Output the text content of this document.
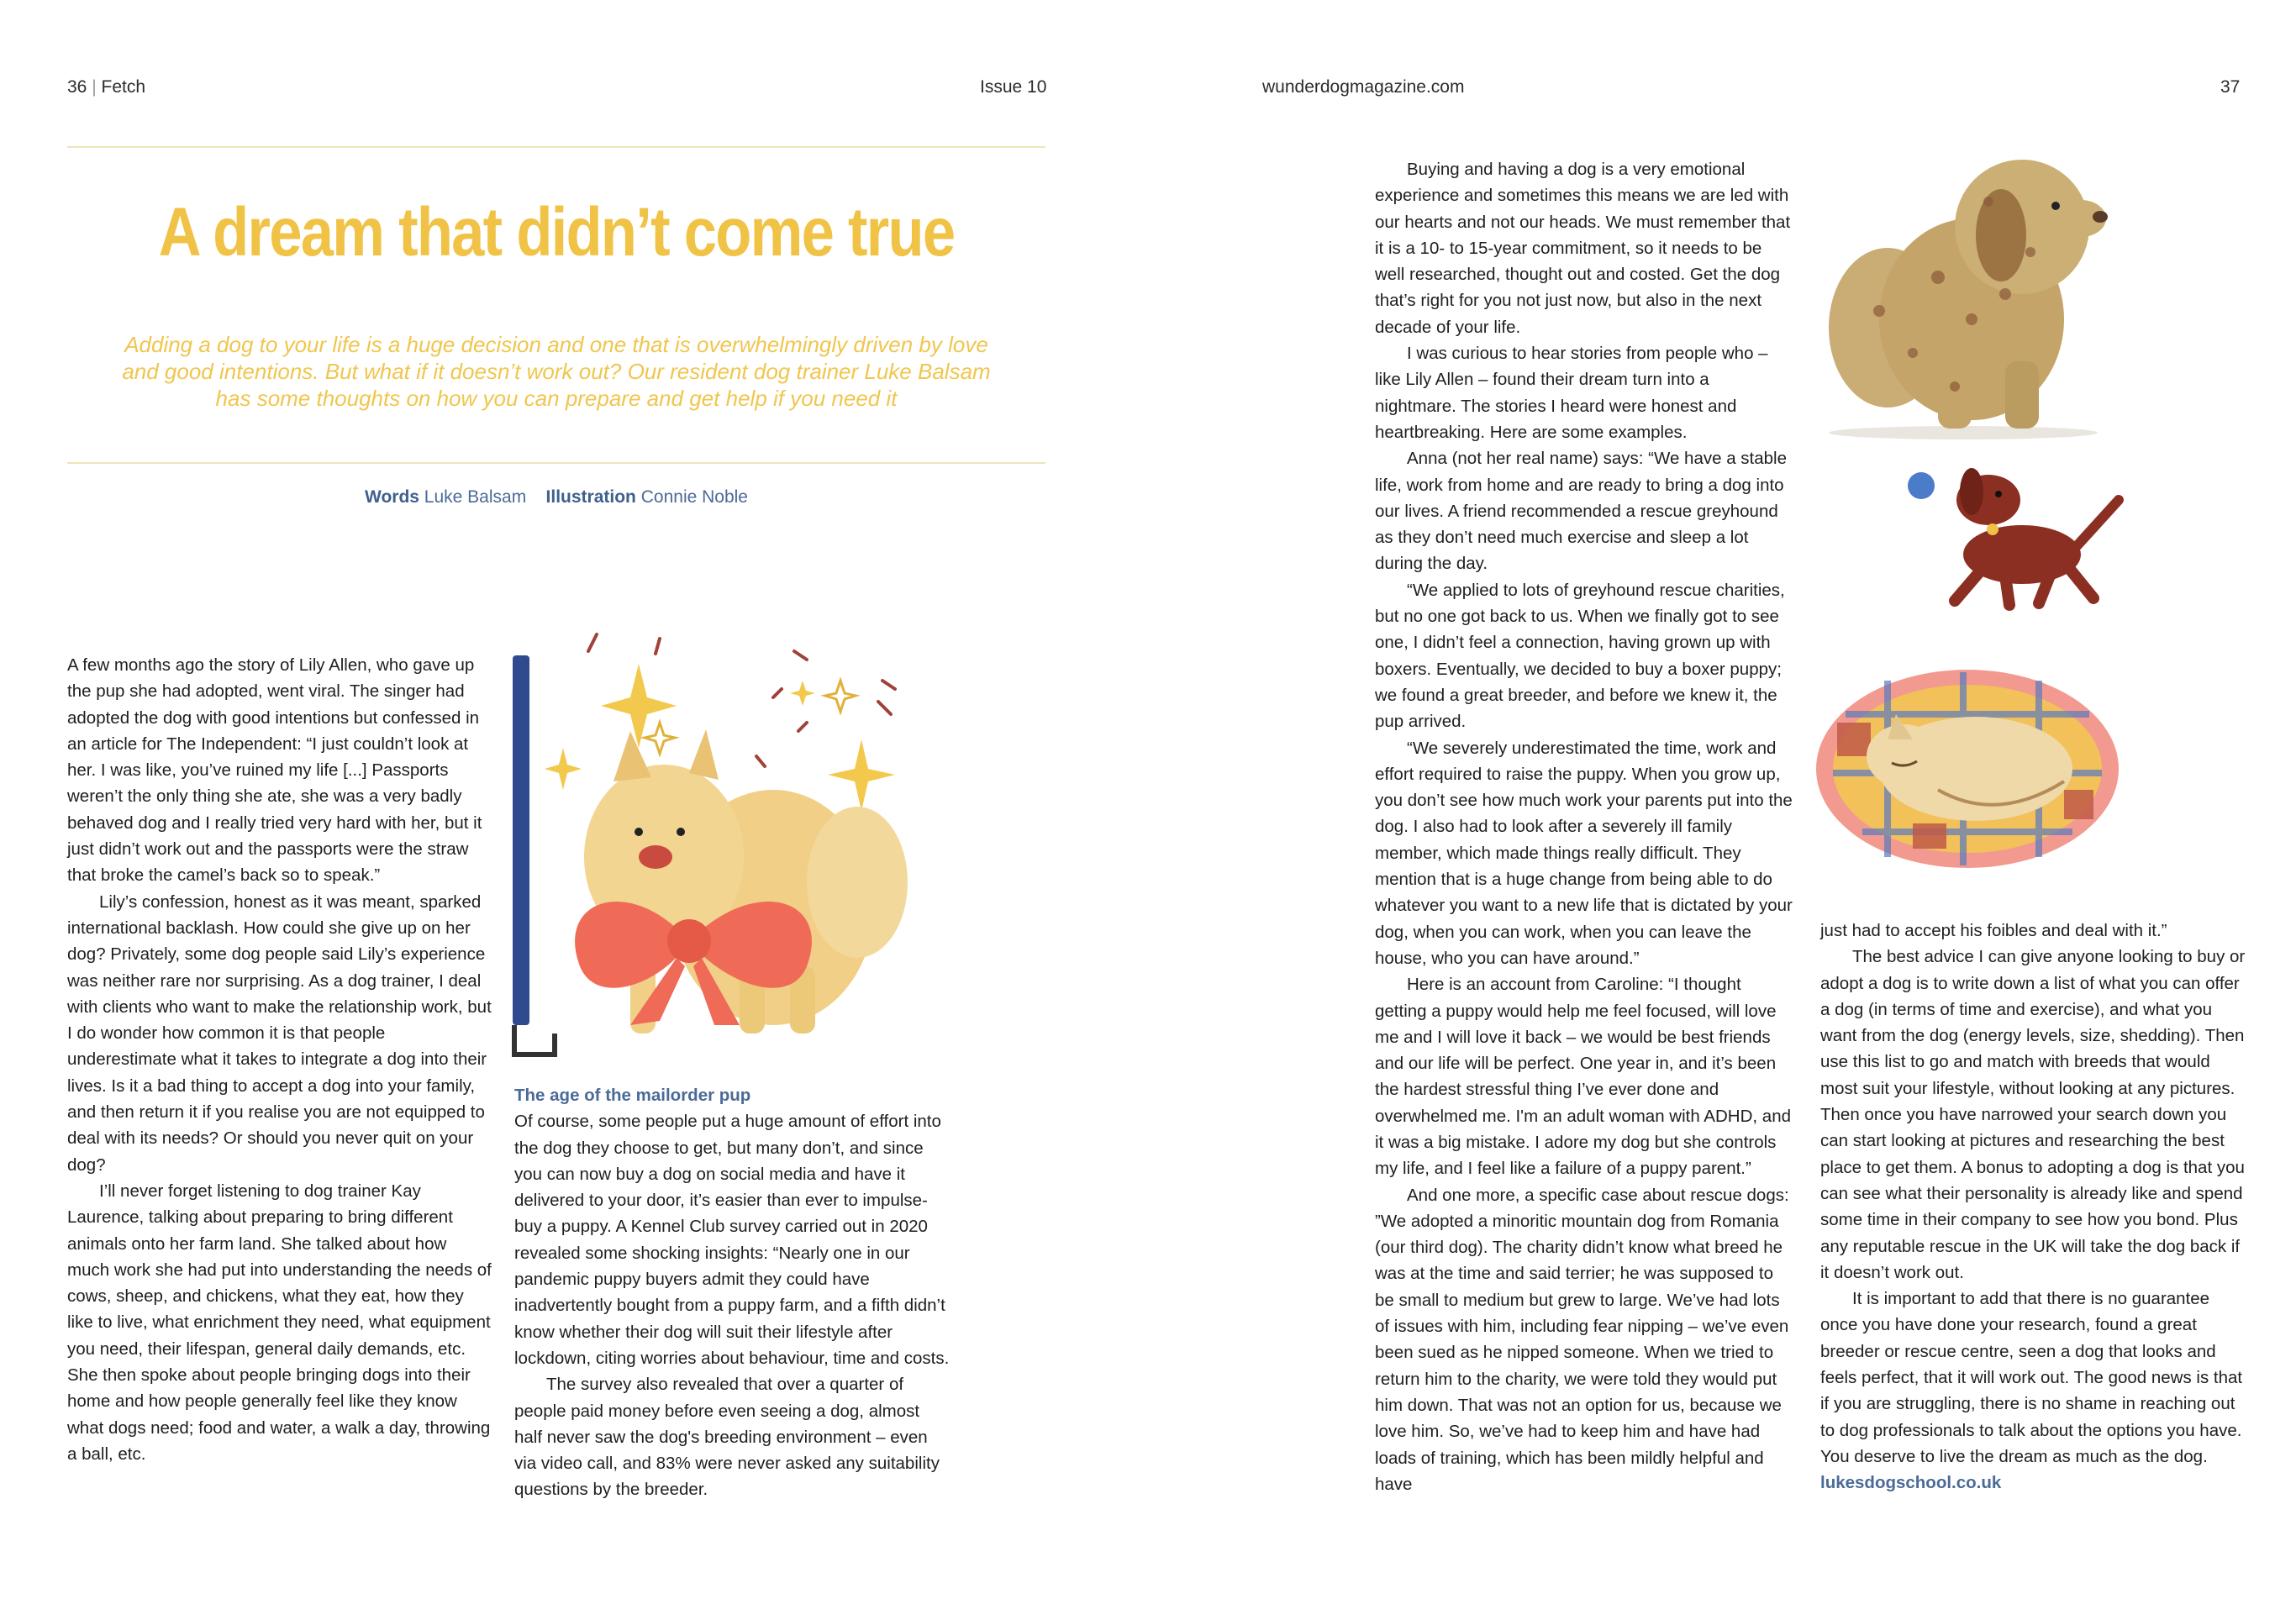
36 | Fetch	Issue 10
A dream that didn’t come true

Adding a dog to your life is a huge decision and one that is overwhelmingly driven by love and good intentions. But what if it doesn’t work out? Our resident dog trainer Luke Balsam has some thoughts on how you can prepare and get help if you need it

Words Luke Balsam Illustration Connie Noble

A few months ago the story of Lily Allen, who gave up the pup she had adopted, went viral. The singer had adopted the dog with good intentions but confessed in an article for The Independent: “I just couldn’t look at her. I was like, you’ve ruined my life [...] Passports weren’t the only thing she ate, she was a very badly behaved dog and I really tried very hard with her, but it just didn’t work out and the passports were the straw that broke the camel’s back so to speak.”

Lily’s confession, honest as it was meant, sparked international backlash. How could she give up on her dog? Privately, some dog people said Lily’s experience was neither rare nor surprising. As a dog trainer, I deal with clients who want to make the relationship work, but I do wonder how common it is that people underestimate what it takes to integrate a dog into their lives. Is it a bad thing to accept a dog into your family, and then return it if you realise you are not equipped to deal with its needs? Or should you never quit on your dog?

I’ll never forget listening to dog trainer Kay Laurence, talking about preparing to bring different animals onto her farm land. She talked about how much work she had put into understanding the needs of cows, sheep, and chickens, what they eat, how they like to live, what enrichment they need, what equipment you need, their lifespan, general daily demands, etc. She then spoke about people bringing dogs into their home and how people generally feel like they know what dogs need; food and water, a walk a day, throwing a ball, etc.

The age of the mailorder pup

Of course, some people put a huge amount of effort into the dog they choose to get, but many don’t, and since you can now buy a dog on social media and have it delivered to your door, it’s easier than ever to impulse-buy a puppy. A Kennel Club survey carried out in 2020 revealed some shocking insights: “Nearly one in our pandemic puppy buyers admit they could have inadvertently bought from a puppy farm, and a fifth didn’t know whether their dog will suit their lifestyle after lockdown, citing worries about behaviour, time and costs.

The survey also revealed that over a quarter of people paid money before even seeing a dog, almost half never saw the dog's breeding environment – even via video call, and 83% were never asked any suitability questions by the breeder.

wunderdogmagazine.com	37

Buying and having a dog is a very emotional experience and sometimes this means we are led with our hearts and not our heads. We must remember that it is a 10- to 15-year commitment, so it needs to be well researched, thought out and costed. Get the dog that’s right for you not just now, but also in the next decade of your life.

I was curious to hear stories from people who – like Lily Allen – found their dream turn into a nightmare. The stories I heard were honest and heartbreaking. Here are some examples.

Anna (not her real name) says: “We have a stable life, work from home and are ready to bring a dog into our lives. A friend recommended a rescue greyhound as they don’t need much exercise and sleep a lot during the day.

“We applied to lots of greyhound rescue charities, but no one got back to us. When we finally got to see one, I didn’t feel a connection, having grown up with boxers. Eventually, we decided to buy a boxer puppy; we found a great breeder, and before we knew it, the pup arrived.

“We severely underestimated the time, work and effort required to raise the puppy. When you grow up, you don’t see how much work your parents put into the dog. I also had to look after a severely ill family member, which made things really difficult. They mention that is a huge change from being able to do whatever you want to a new life that is dictated by your dog, when you can work, when you can leave the house, who you can have around.”

Here is an account from Caroline: “I thought getting a puppy would help me feel focused, will love me and I will love it back – we would be best friends and our life will be perfect. One year in, and it’s been the hardest stressful thing I’ve ever done and overwhelmed me. I'm an adult woman with ADHD, and it was a big mistake. I adore my dog but she controls my life, and I feel like a failure of a puppy parent.”

And one more, a specific case about rescue dogs: ”We adopted a minoritic mountain dog from Romania (our third dog). The charity didn’t know what breed he was at the time and said terrier; he was supposed to be small to medium but grew to large. We’ve had lots of issues with him, including fear nipping – we’ve even been sued as he nipped someone. When we tried to return him to the charity, we were told they would put him down. That was not an option for us, because we love him. So, we’ve had to keep him and have had loads of training, which has been mildly helpful and have

just had to accept his foibles and deal with it.”

The best advice I can give anyone looking to buy or adopt a dog is to write down a list of what you can offer a dog (in terms of time and exercise), and what you want from the dog (energy levels, size, shedding). Then use this list to go and match with breeds that would most suit your lifestyle, without looking at any pictures. Then once you have narrowed your search down you can start looking at pictures and researching the best place to get them. A bonus to adopting a dog is that you can see what their personality is already like and spend some time in their company to see how you bond. Plus any reputable rescue in the UK will take the dog back if it doesn’t work out.

It is important to add that there is no guarantee once you have done your research, found a great breeder or rescue centre, seen a dog that looks and feels perfect, that it will work out. The good news is that if you are struggling, there is no shame in reaching out to dog professionals to talk about the options you have. You deserve to live the dream as much as the dog.

lukesdogschool.co.uk
